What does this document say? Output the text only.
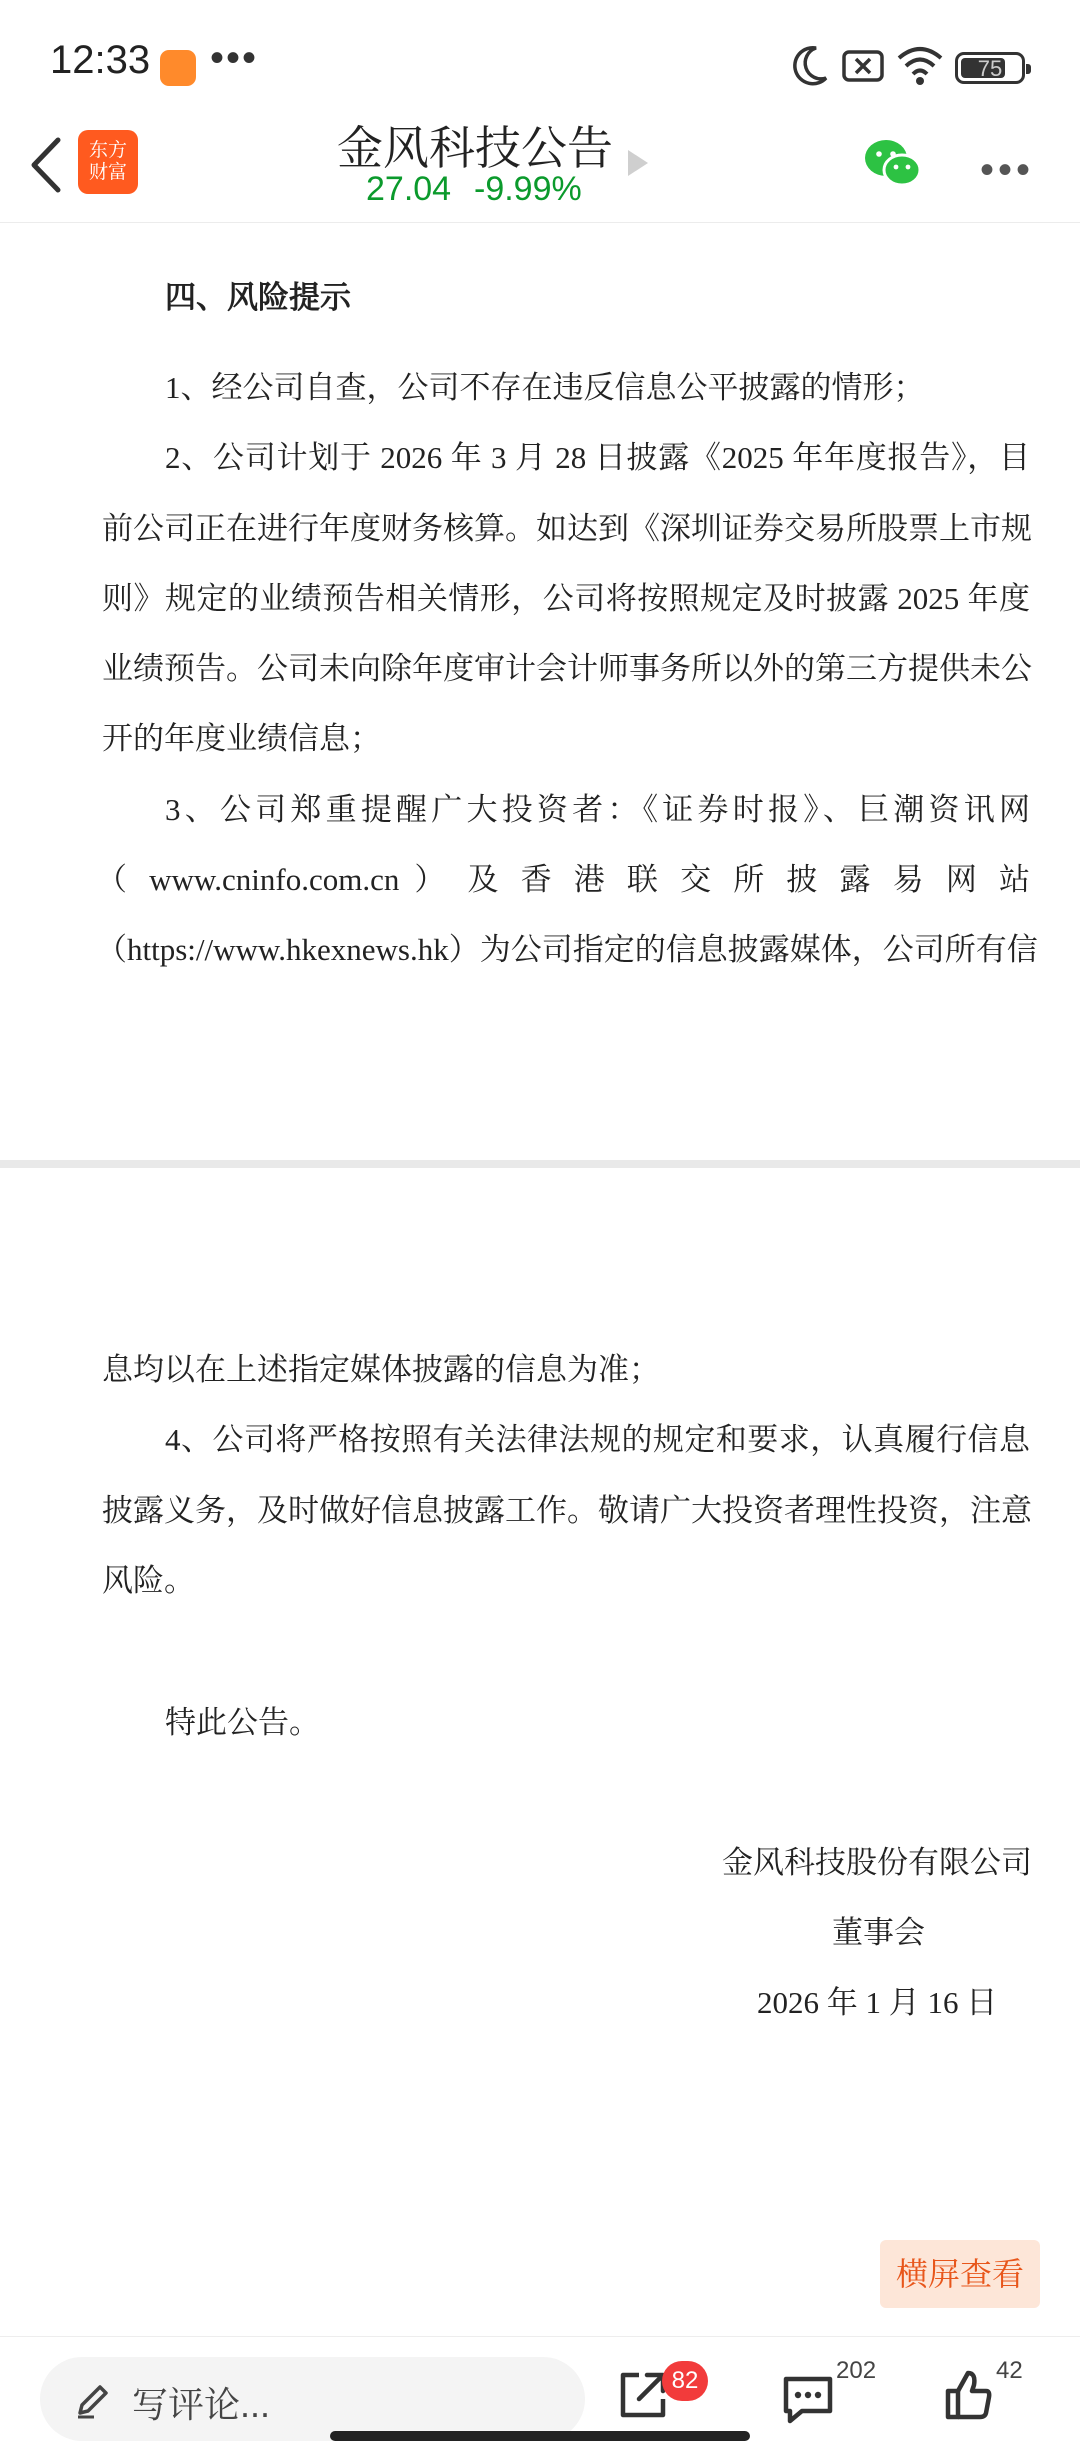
12:33 •••	75
东方
财富	金风科技公告
27.04 -9.99%	•••
四、风险提示
1、经公司自查，公司不存在违反信息公平披露的情形；
2、公司计划于 2026 年 3 月 28 日披露《2025 年年度报告》，目
前公司正在进行年度财务核算。如达到《深圳证券交易所股票上市规
则》规定的业绩预告相关情形，公司将按照规定及时披露 2025 年度
业绩预告。公司未向除年度审计会计师事务所以外的第三方提供未公
开的年度业绩信息；
3、公司郑重提醒广大投资者：《证券时报》、巨潮资讯网
（ www.cninfo.com.cn ） 及 香 港 联 交 所 披 露 易 网 站
（https://www.hkexnews.hk）为公司指定的信息披露媒体，公司所有信
息均以在上述指定媒体披露的信息为准；
4、公司将严格按照有关法律法规的规定和要求，认真履行信息
披露义务，及时做好信息披露工作。敬请广大投资者理性投资，注意
风险。
特此公告。
金风科技股份有限公司
董事会
2026 年 1 月 16 日
横屏查看
写评论...
82	202	42
